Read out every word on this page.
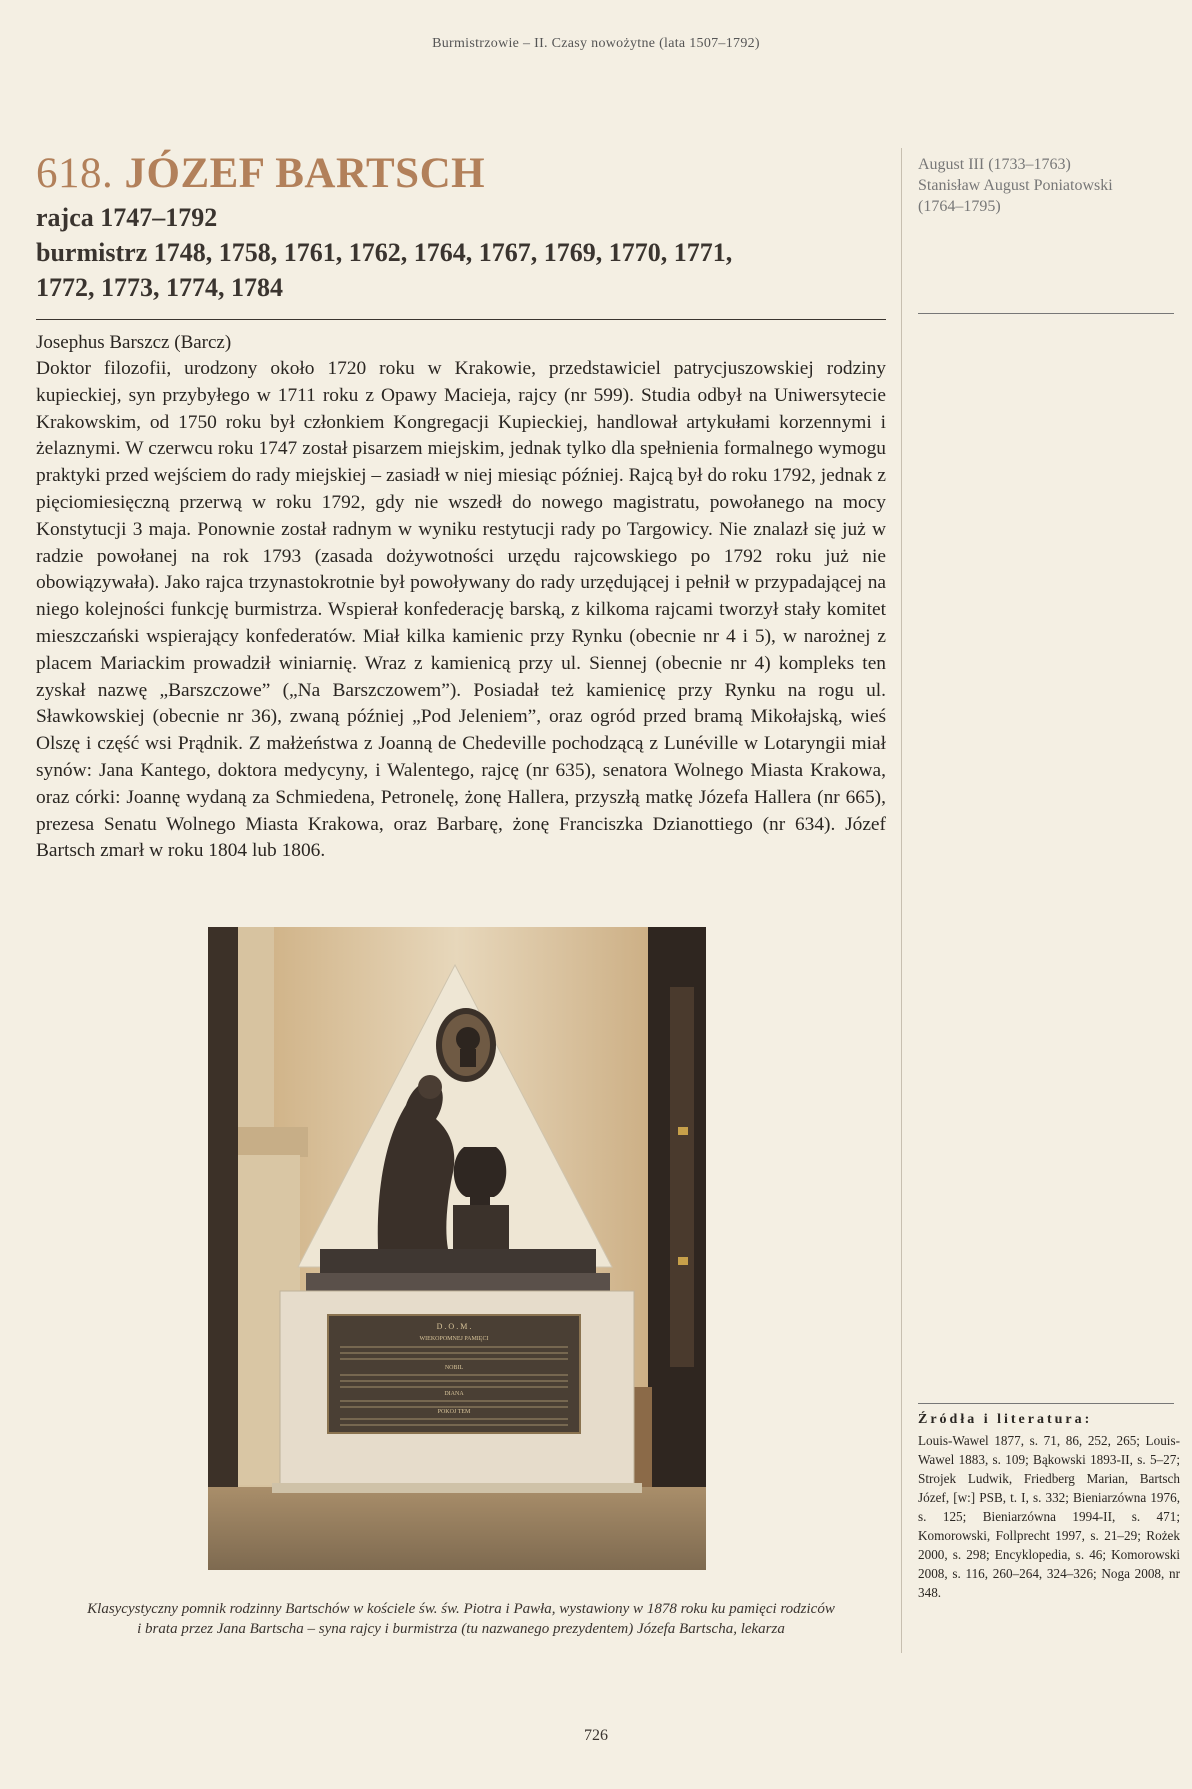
Burmistrzowie – II. Czasy nowożytne (lata 1507–1792)
618. JÓZEF BARTSCH
rajca 1747–1792
burmistrz 1748, 1758, 1761, 1762, 1764, 1767, 1769, 1770, 1771,
1772, 1773, 1774, 1784

Josephus Barszcz (Barcz)

Doktor filozofii, urodzony około 1720 roku w Krakowie, przedstawiciel patrycjuszowskiej rodziny kupieckiej, syn przybyłego w 1711 roku z Opawy Macieja, rajcy (nr 599). Studia odbył na Uniwersytecie Krakowskim, od 1750 roku był członkiem Kongregacji Kupieckiej, handlował artykułami korzennymi i żelaznymi. W czerwcu roku 1747 został pisarzem miejskim, jednak tylko dla spełnienia formalnego wymogu praktyki przed wejściem do rady miejskiej – zasiadł w niej miesiąc później. Rajcą był do roku 1792, jednak z pięciomiesięczną przerwą w roku 1792, gdy nie wszedł do nowego magistratu, powołanego na mocy Konstytucji 3 maja. Ponownie został radnym w wyniku restytucji rady po Targowicy. Nie znalazł się już w radzie powołanej na rok 1793 (zasada dożywotności urzędu rajcowskiego po 1792 roku już nie obowiązywała). Jako rajca trzynastokrotnie był powoływany do rady urzędującej i pełnił w przypadającej na niego kolejności funkcję burmistrza. Wspierał konfederację barską, z kilkoma rajcami tworzył stały komitet mieszczański wspierający konfederatów. Miał kilka kamienic przy Rynku (obecnie nr 4 i 5), w narożnej z placem Mariackim prowadził winiarnię. Wraz z kamienicą przy ul. Siennej (obecnie nr 4) kompleks ten zyskał nazwę „Barszczowe” („Na Barszczowem”). Posiadał też kamienicę przy Rynku na rogu ul. Sławkowskiej (obecnie nr 36), zwaną później „Pod Jeleniem”, oraz ogród przed bramą Mikołajską, wieś Olszę i część wsi Prądnik. Z małżeństwa z Joanną de Chedeville pochodzącą z Lunéville w Lotaryngii miał synów: Jana Kantego, doktora medycyny, i Walentego, rajcę (nr 635), senatora Wolnego Miasta Krakowa, oraz córki: Joannę wydaną za Schmiedena, Petronelę, żonę Hallera, przyszłą matkę Józefa Hallera (nr 665), prezesa Senatu Wolnego Miasta Krakowa, oraz Barbarę, żonę Franciszka Dzianottiego (nr 634). Józef Bartsch zmarł w roku 1804 lub 1806.

August III (1733–1763)
Stanisław August Poniatowski
(1764–1795)
D . O . M .
WIEKOPOMNEJ PAMIĘCI
NOBIL
DIANA
POKOJ TEM
Klasycystyczny pomnik rodzinny Bartschów w kościele św. św. Piotra i Pawła, wystawiony w 1878 roku ku pamięci rodziców
i brata przez Jana Bartscha – syna rajcy i burmistrza (tu nazwanego prezydentem) Józefa Bartscha, lekarza

Źródła i literatura:

Louis-Wawel 1877, s. 71, 86, 252, 265; Louis-Wawel 1883, s. 109; Bąkowski 1893-II, s. 5–27; Strojek Ludwik, Friedberg Marian, Bartsch Józef, [w:] PSB, t. I, s. 332; Bieniarzówna 1976, s. 125; Bieniarzówna 1994-II, s. 471; Komorowski, Follprecht 1997, s. 21–29; Rożek 2000, s. 298; Encyklopedia, s. 46; Komorowski 2008, s. 116, 260–264, 324–326; Noga 2008, nr 348.

726
